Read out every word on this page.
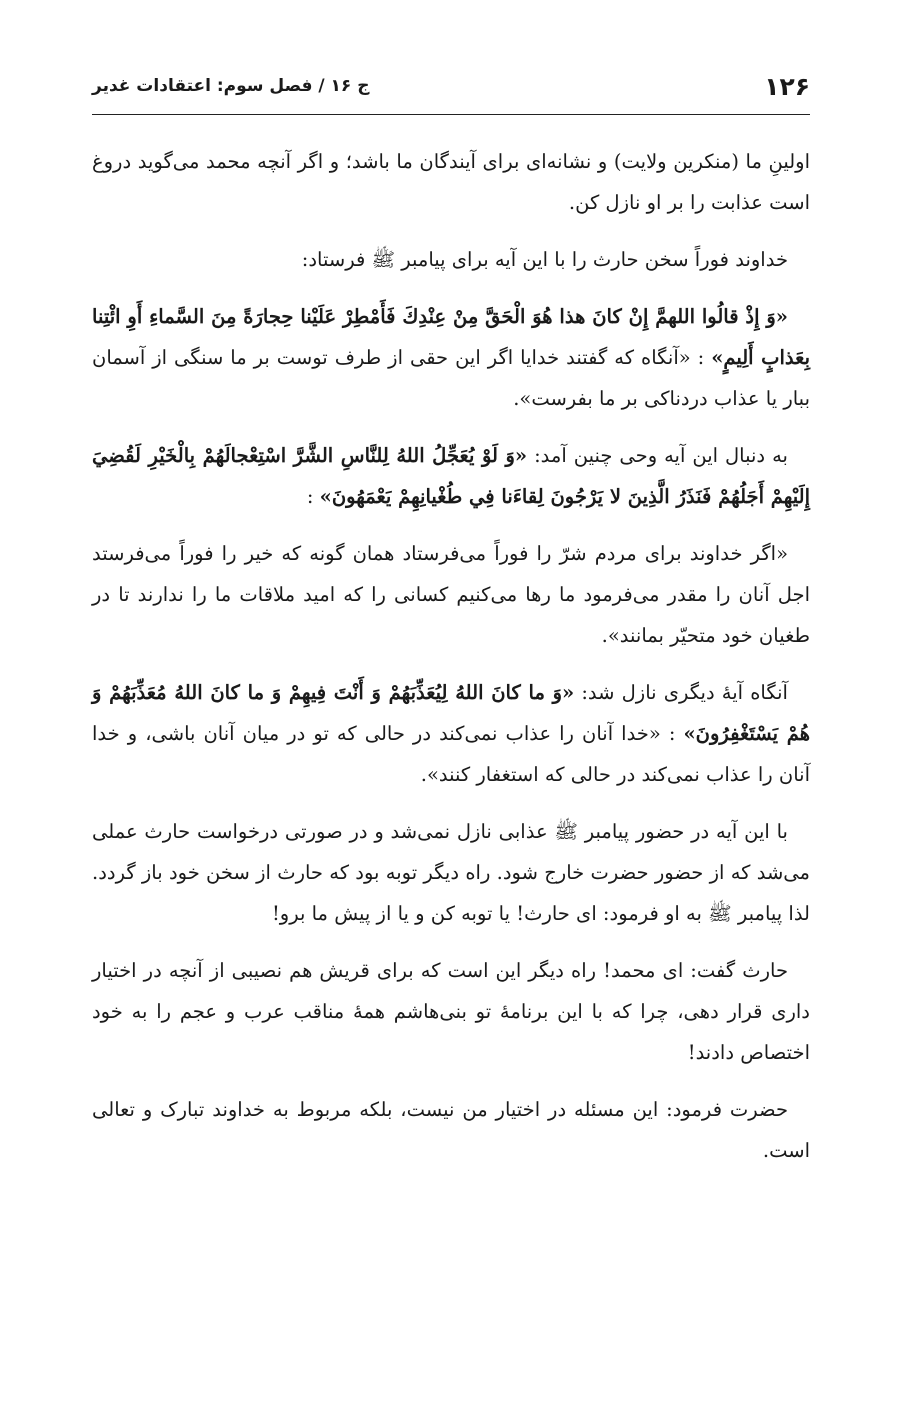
۱۲۶
ج ۱۶ / فصل سوم: اعتقادات غدیر

اولینِ ما (منکرین ولایت) و نشانه‌ای برای آیندگان ما باشد؛ و اگر آنچه محمد می‌گوید دروغ است عذابت را بر او نازل کن.

خداوند فوراً سخن حارث را با این آیه برای پیامبر ﷺ فرستاد:

«وَ إِذْ قالُوا اللهمَّ إِنْ كانَ هذا هُوَ الْحَقَّ مِنْ عِنْدِكَ فَأَمْطِرْ عَلَيْنا حِجارَةً مِنَ السَّماءِ أَوِ ائْتِنا بِعَذابٍ أَلِيمٍ» : «آنگاه که گفتند خدایا اگر این حقی از طرف توست بر ما سنگی از آسمان ببار یا عذاب دردناکی بر ما بفرست».

به دنبال این آیه وحی چنین آمد: «وَ لَوْ يُعَجِّلُ اللهُ لِلنَّاسِ الشَّرَّ اسْتِعْجالَهُمْ بِالْخَيْرِ لَقُضِيَ إِلَيْهِمْ أَجَلُهُمْ فَنَذَرُ الَّذِينَ لا يَرْجُونَ لِقاءَنا فِي طُغْيانِهِمْ يَعْمَهُونَ» :

«اگر خداوند برای مردم شرّ را فوراً می‌فرستاد همان گونه که خیر را فوراً می‌فرستد اجل آنان را مقدر می‌فرمود ما رها می‌کنیم کسانی را که امید ملاقات ما را ندارند تا در طغیان خود متحیّر بمانند».

آنگاه آیهٔ دیگری نازل شد: «وَ ما كانَ اللهُ لِيُعَذِّبَهُمْ وَ أَنْتَ فِيهِمْ وَ ما كانَ اللهُ مُعَذِّبَهُمْ وَ هُمْ يَسْتَغْفِرُونَ» : «خدا آنان را عذاب نمی‌کند در حالی که تو در میان آنان باشی، و خدا آنان را عذاب نمی‌کند در حالی که استغفار کنند».

با این آیه در حضور پیامبر ﷺ عذابی نازل نمی‌شد و در صورتی درخواست حارث عملی می‌شد که از حضور حضرت خارج شود. راه دیگر توبه بود که حارث از سخن خود باز گردد. لذا پیامبر ﷺ به او فرمود: ای حارث! یا توبه کن و یا از پیش ما برو!

حارث گفت: ای محمد! راه دیگر این است که برای قریش هم نصیبی از آنچه در اختیار داری قرار دهی، چرا که با این برنامهٔ تو بنی‌هاشم همهٔ مناقب عرب و عجم را به خود اختصاص دادند!

حضرت فرمود: این مسئله در اختیار من نیست، بلکه مربوط به خداوند تبارک و تعالی است.
